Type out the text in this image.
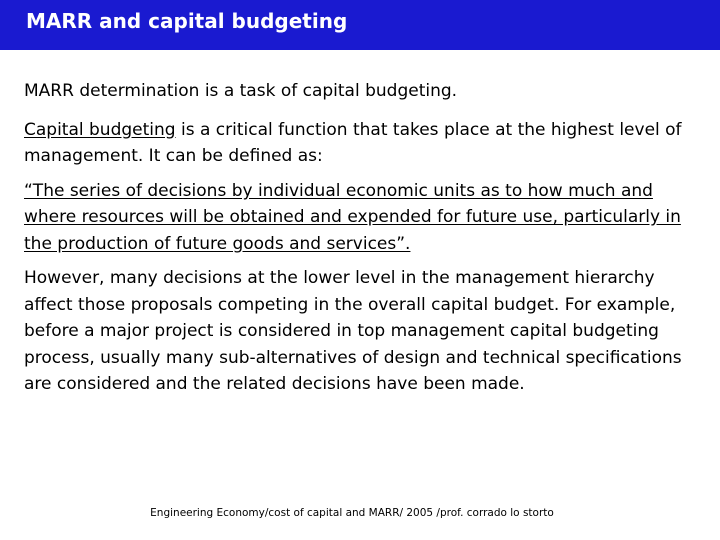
MARR and capital budgeting

MARR determination is a task of capital budgeting.

Capital budgeting is a critical function that takes place at the highest level of management. It can be defined as:

“The series of decisions by individual economic units as to how much and where resources will be obtained and expended for future use, particularly in the production of future goods and services”.

However, many decisions at the lower level in the management hierarchy affect those proposals competing in the overall capital budget. For example, before a major project is considered in top management capital budgeting process, usually many sub-alternatives of design and technical specifications are considered and the related decisions have been made.

Engineering Economy/cost of capital and MARR/ 2005 /prof. corrado lo storto
